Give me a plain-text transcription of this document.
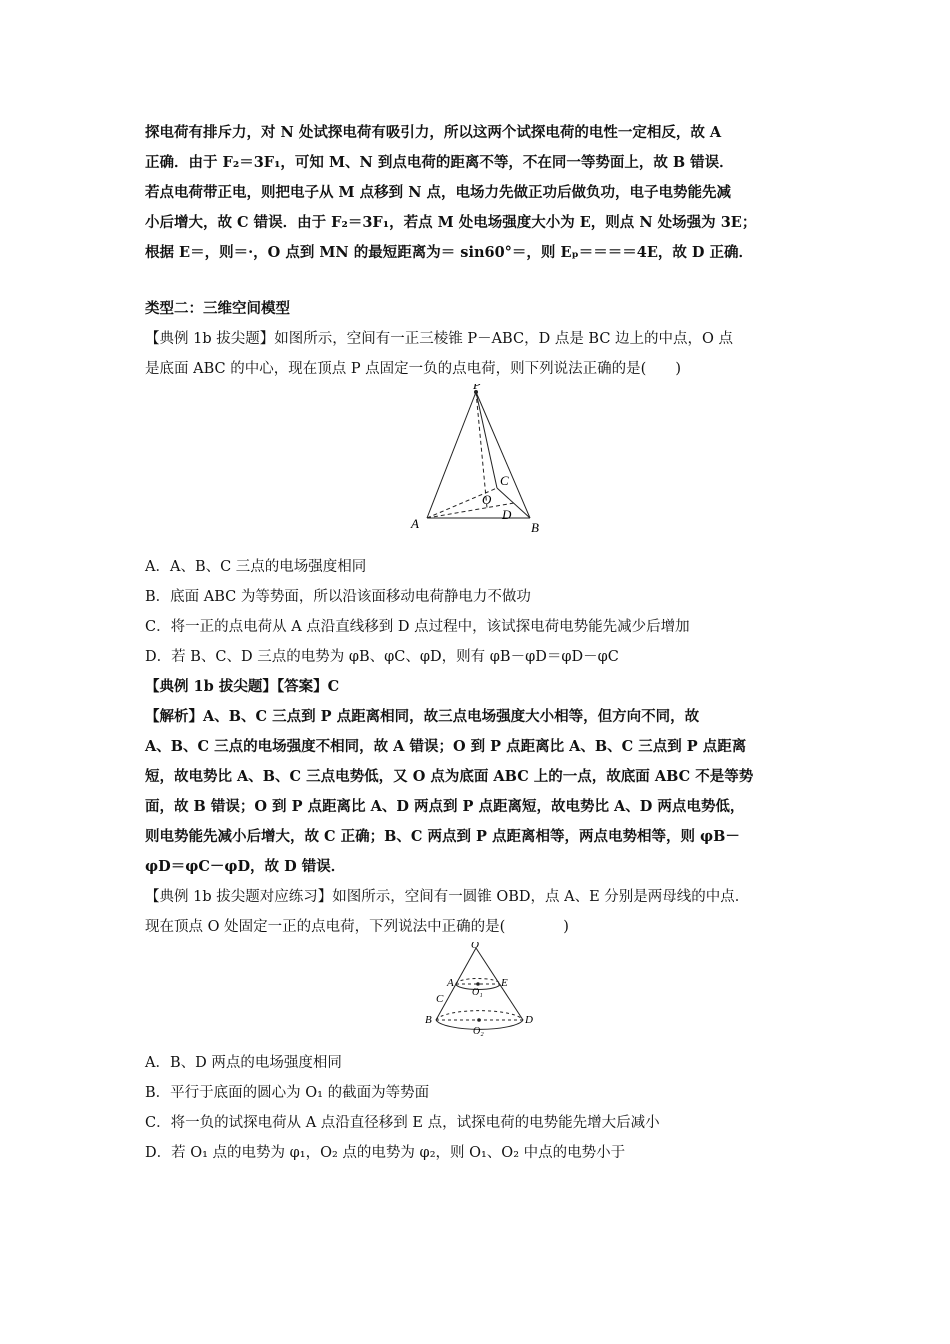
探电荷有排斥力，对 N 处试探电荷有吸引力，所以这两个试探电荷的电性一定相反，故 A
正确．由于 F₂＝3F₁，可知 M、N 到点电荷的距离不等，不在同一等势面上，故 B 错误．
若点电荷带正电，则把电子从 M 点移到 N 点，电场力先做正功后做负功，电子电势能先减
小后增大，故 C 错误．由于 F₂＝3F₁，若点 M 处电场强度大小为 E，则点 N 处场强为 3E；
根据 E＝，则＝·，O 点到 MN 的最短距离为＝ sin60°＝，则 Eₚ＝＝＝＝4E，故 D 正确．
类型二：三维空间模型
【典例 1b 拔尖题】如图所示，空间有一正三棱锥 P－ABC，D 点是 BC 边上的中点，O 点
是底面 ABC 的中心，现在顶点 P 点固定一负的点电荷，则下列说法正确的是(　　)
P
A	B
C
O
D
A．A、B、C 三点的电场强度相同
B．底面 ABC 为等势面，所以沿该面移动电荷静电力不做功
C．将一正的点电荷从 A 点沿直线移到 D 点过程中，该试探电荷电势能先减少后增加
D．若 B、C、D 三点的电势为 φB、φC、φD，则有 φB－φD＝φD－φC
【典例 1b 拔尖题】【答案】C
【解析】A、B、C 三点到 P 点距离相同，故三点电场强度大小相等，但方向不同，故
A、B、C 三点的电场强度不相同，故 A 错误；O 到 P 点距离比 A、B、C 三点到 P 点距离
短，故电势比 A、B、C 三点电势低，又 O 点为底面 ABC 上的一点，故底面 ABC 不是等势
面，故 B 错误；O 到 P 点距离比 A、D 两点到 P 点距离短，故电势比 A、D 两点电势低，
则电势能先减小后增大，故 C 正确；B、C 两点到 P 点距离相等，两点电势相等，则 φB－
φD＝φC－φD，故 D 错误．
【典例 1b 拔尖题对应练习】如图所示，空间有一圆锥 OBD，点 A、E 分别是两母线的中点．
现在顶点 O 处固定一正的点电荷，下列说法中正确的是(　　　　)
O
A	E
O₁
C
B	D
O₂
A．B、D 两点的电场强度相同
B．平行于底面的圆心为 O₁ 的截面为等势面
C．将一负的试探电荷从 A 点沿直径移到 E 点，试探电荷的电势能先增大后减小
D．若 O₁ 点的电势为 φ₁，O₂ 点的电势为 φ₂，则 O₁、O₂ 中点的电势小于
